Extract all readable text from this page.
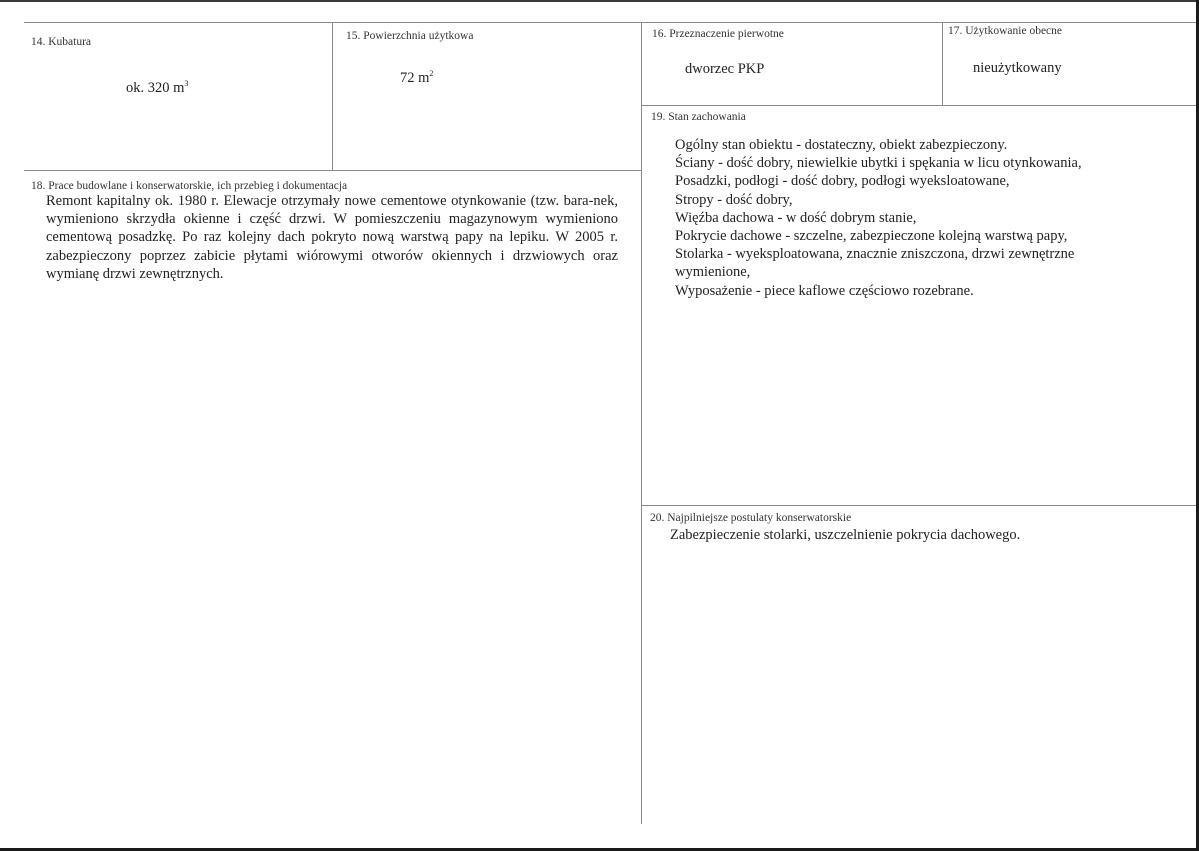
14. Kubatura
ok. 320 $m^3$
15. Powierzchnia użytkowa
72 $m^2$
16. Przeznaczenie pierwotne
dworzec PKP
17. Użytkowanie obecne
nieużytkowany
19. Stan zachowania

Ogólny stan obiektu - dostateczny, obiekt zabezpieczony.

Ściany - dość dobry, niewielkie ubytki i spękania w licu otynkowania,

Posadzki, podłogi - dość dobry, podłogi wyeksloatowane,

Stropy - dość dobry,

Więźba dachowa - w dość dobrym stanie,

Pokrycie dachowe - szczelne, zabezpieczone kolejną warstwą papy,

Stolarka - wyeksploatowana, znacznie zniszczona, drzwi zewnętrzne

wymienione,

Wyposażenie - piece kaflowe częściowo rozebrane.

18. Prace budowlane i konserwatorskie, ich przebieg i dokumentacja
Remont kapitalny ok. 1980 r. Elewacje otrzymały nowe cementowe otynkowanie (tzw. bara-nek, wymieniono skrzydła okienne i część drzwi. W pomieszczeniu magazynowym wymieniono cementową posadzkę. Po raz kolejny dach pokryto nową warstwą papy na lepiku. W 2005 r. zabezpieczony poprzez zabicie płytami wiórowymi otworów okiennych i drzwiowych oraz wymianę drzwi zewnętrznych.
20. Najpilniejsze postulaty konserwatorskie
Zabezpieczenie stolarki, uszczelnienie pokrycia dachowego.
